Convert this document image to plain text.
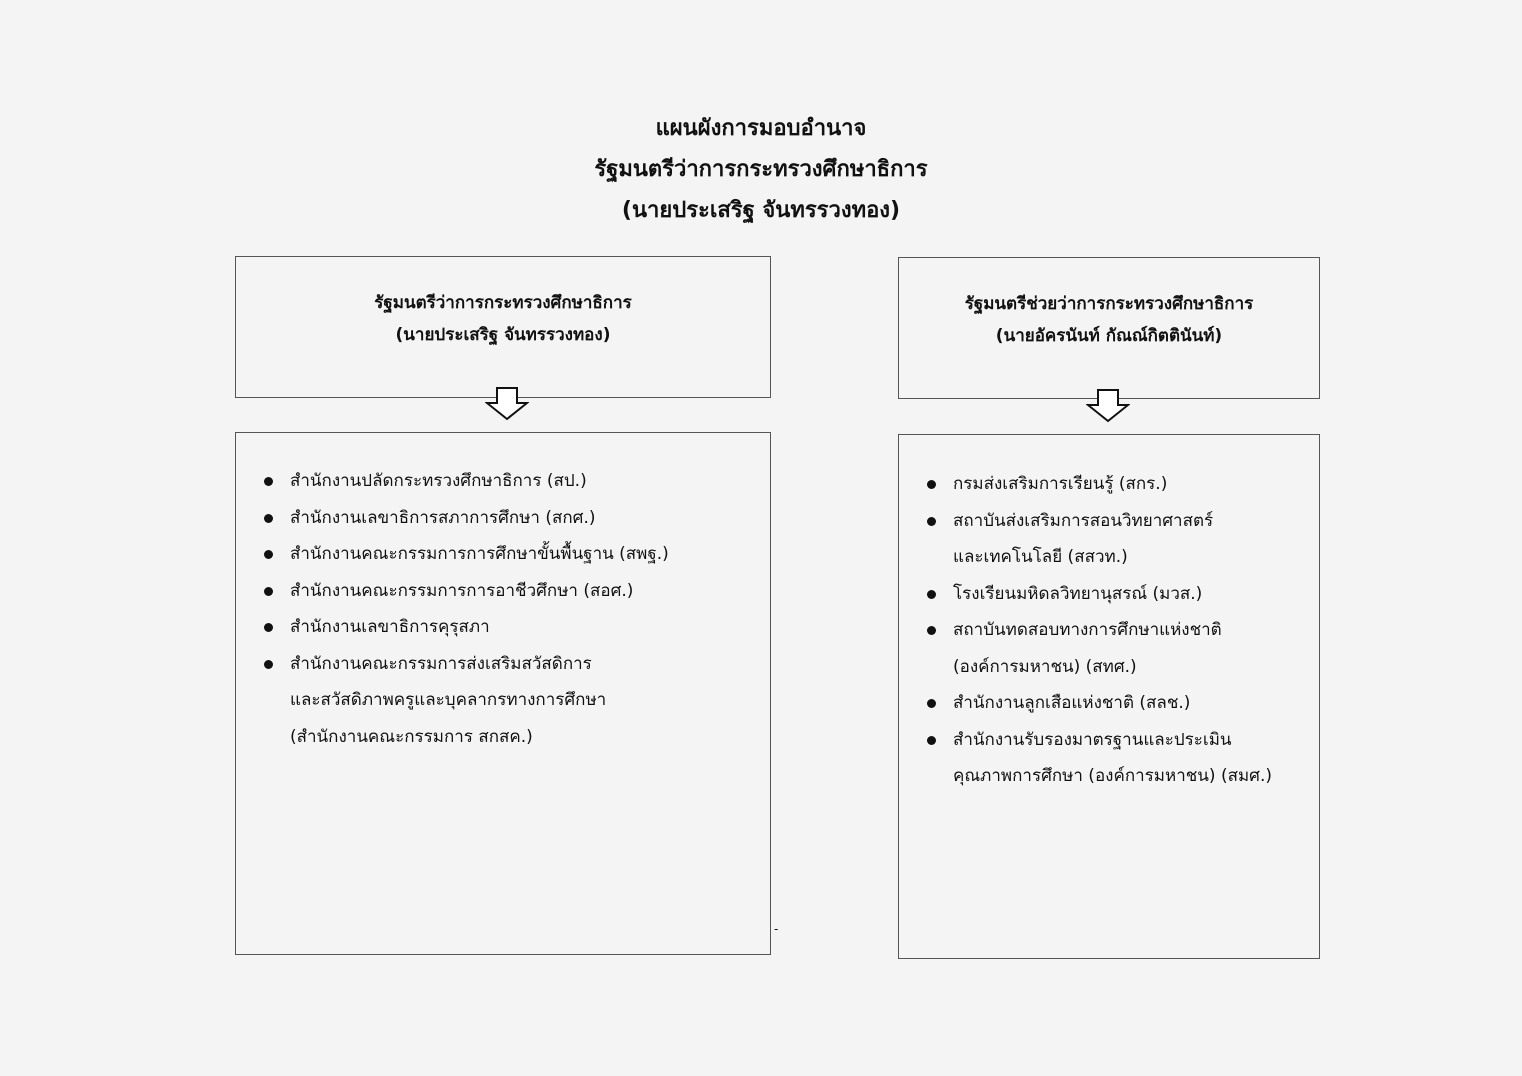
แผนผังการมอบอำนาจ
รัฐมนตรีว่าการกระทรวงศึกษาธิการ
(นายประเสริฐ จันทรรวงทอง)
รัฐมนตรีว่าการกระทรวงศึกษาธิการ
(นายประเสริฐ จันทรรวงทอง)
สำนักงานปลัดกระทรวงศึกษาธิการ (สป.)
สำนักงานเลขาธิการสภาการศึกษา (สกศ.)
สำนักงานคณะกรรมการการศึกษาขั้นพื้นฐาน (สพฐ.)
สำนักงานคณะกรรมการการอาชีวศึกษา (สอศ.)
สำนักงานเลขาธิการคุรุสภา
สำนักงานคณะกรรมการส่งเสริมสวัสดิการ
และสวัสดิภาพครูและบุคลากรทางการศึกษา
(สำนักงานคณะกรรมการ สกสค.)
รัฐมนตรีช่วยว่าการกระทรวงศึกษาธิการ
(นายอัครนันท์ กัณณ์กิตตินันท์)
กรมส่งเสริมการเรียนรู้ (สกร.)
สถาบันส่งเสริมการสอนวิทยาศาสตร์
และเทคโนโลยี (สสวท.)
โรงเรียนมหิดลวิทยานุสรณ์ (มวส.)
สถาบันทดสอบทางการศึกษาแห่งชาติ
(องค์การมหาชน) (สทศ.)
สำนักงานลูกเสือแห่งชาติ (สลช.)
สำนักงานรับรองมาตรฐานและประเมิน
คุณภาพการศึกษา (องค์การมหาชน) (สมศ.)
-
